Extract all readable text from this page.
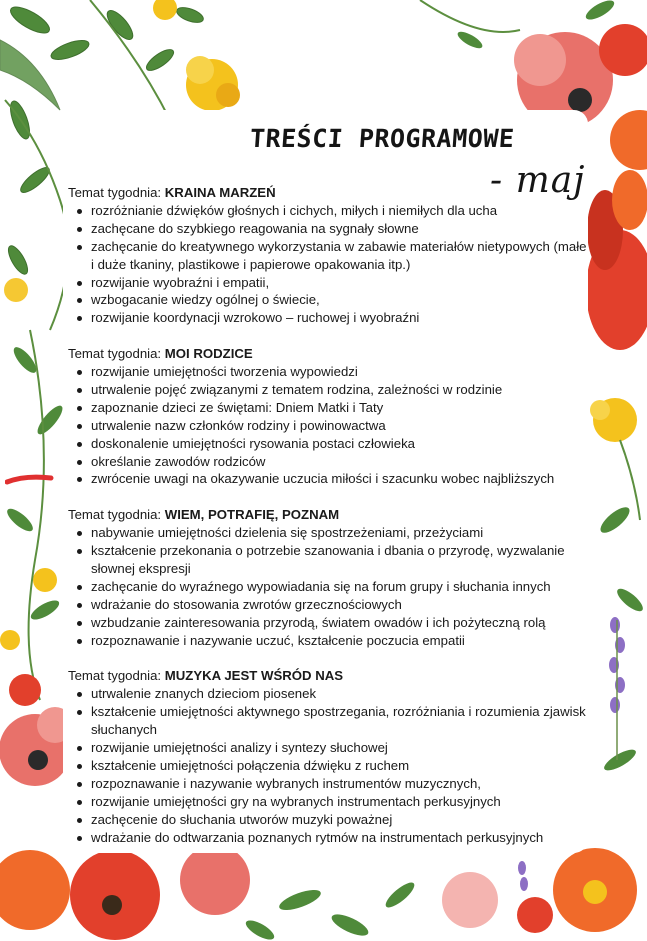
TREŚCI PROGRAMOWE
- maj

Temat tygodnia: KRAINA MARZEŃ

rozróżnianie dźwięków głośnych i cichych, miłych i niemiłych dla ucha
zachęcane do szybkiego reagowania na sygnały słowne
zachęcanie do kreatywnego wykorzystania w zabawie materiałów nietypowych (małe i duże tkaniny, plastikowe i papierowe opakowania itp.)
rozwijanie wyobraźni i empatii,
wzbogacanie wiedzy ogólnej o świecie,
rozwijanie koordynacji wzrokowo – ruchowej i wyobraźni

Temat tygodnia: MOI RODZICE

rozwijanie umiejętności tworzenia wypowiedzi
utrwalenie pojęć związanymi z tematem rodzina, zależności w rodzinie
zapoznanie dzieci ze świętami: Dniem Matki i Taty
utrwalenie nazw członków rodziny i powinowactwa
doskonalenie umiejętności rysowania postaci człowieka
określanie zawodów rodziców
zwrócenie uwagi na okazywanie uczucia miłości i szacunku wobec najbliższych

Temat tygodnia: WIEM, POTRAFIĘ, POZNAM

nabywanie umiejętności dzielenia się spostrzeżeniami, przeżyciami
kształcenie przekonania o potrzebie szanowania i dbania o przyrodę, wyzwalanie słownej ekspresji
zachęcanie do wyraźnego wypowiadania się na forum grupy i słuchania innych
wdrażanie do stosowania zwrotów grzecznościowych
wzbudzanie zainteresowania przyrodą, światem owadów i ich pożyteczną rolą
rozpoznawanie i nazywanie uczuć, kształcenie poczucia empatii

Temat tygodnia: MUZYKA JEST WŚRÓD NAS

utrwalenie znanych dzieciom piosenek
kształcenie umiejętności aktywnego spostrzegania, rozróżniania i rozumienia zjawisk słuchanych
rozwijanie umiejętności analizy i syntezy słuchowej
kształcenie umiejętności połączenia dźwięku z ruchem
rozpoznawanie i nazywanie wybranych instrumentów muzycznych,
rozwijanie umiejętności gry na wybranych instrumentach perkusyjnych
zachęcenie do słuchania utworów muzyki poważnej
wdrażanie do odtwarzania poznanych rytmów na instrumentach perkusyjnych
